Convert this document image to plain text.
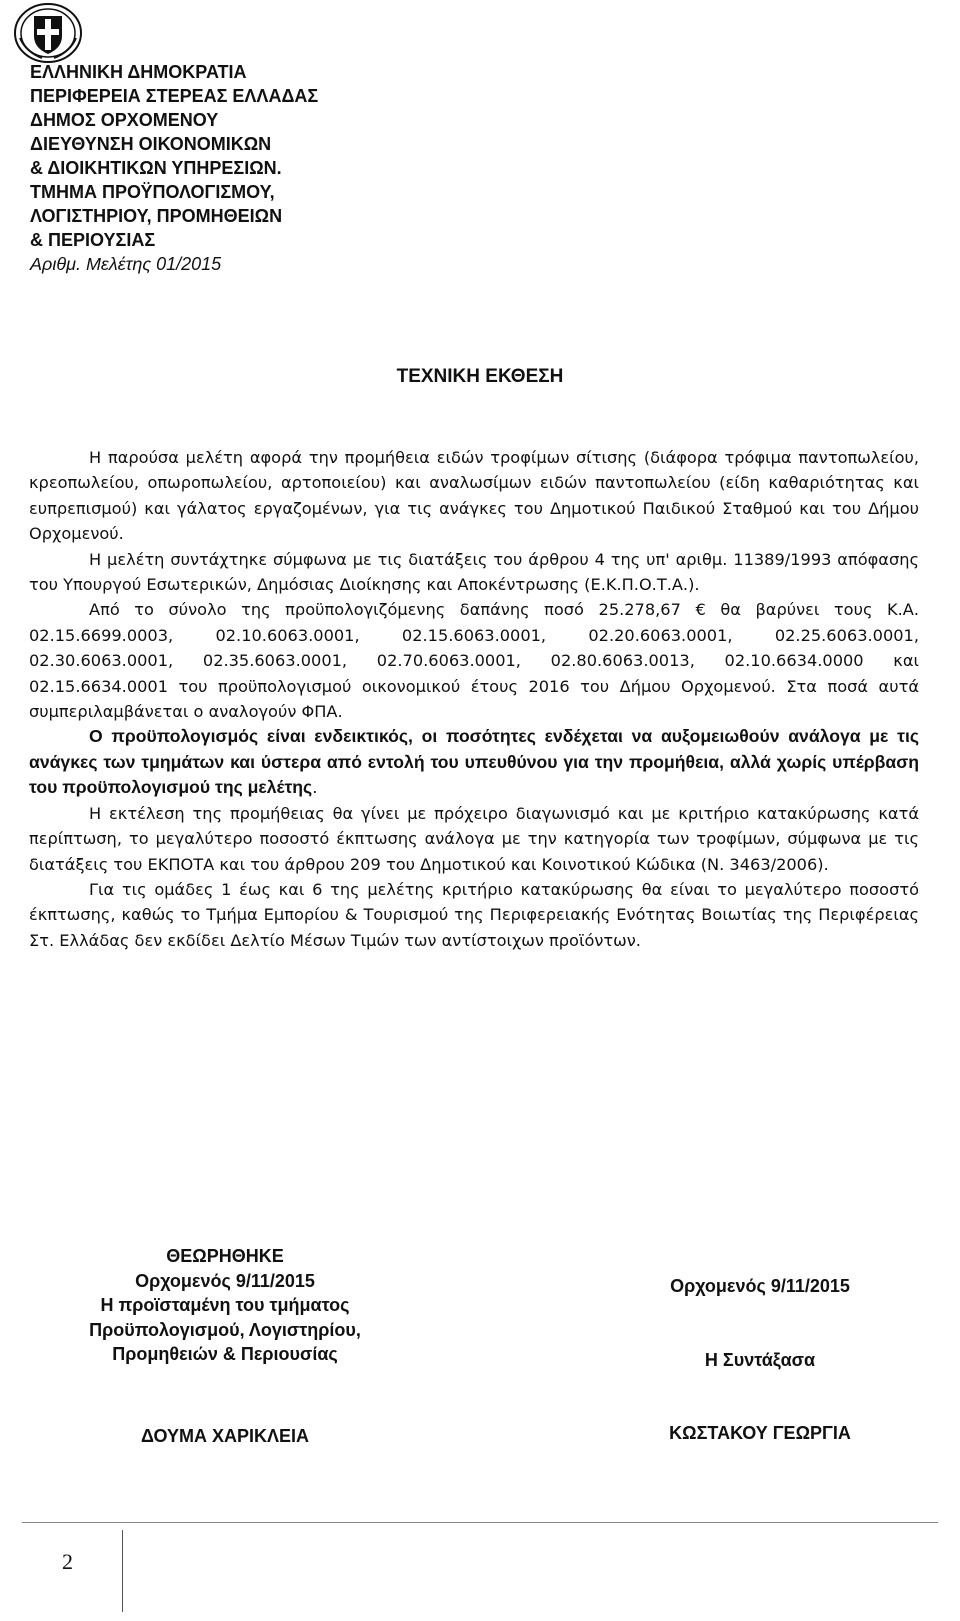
ΕΛΛΗΝΙΚΗ ΔΗΜΟΚΡΑΤΙΑ
ΠΕΡΙΦΕΡΕΙΑ ΣΤΕΡΕΑΣ ΕΛΛΑΔΑΣ
ΔΗΜΟΣ ΟΡΧΟΜΕΝΟΥ
ΔΙΕΥΘΥΝΣΗ ΟΙΚΟΝΟΜΙΚΩΝ
& ΔΙΟΙΚΗΤΙΚΩΝ ΥΠΗΡΕΣΙΩΝ.
ΤΜΗΜΑ ΠΡΟΫΠΟΛΟΓΙΣΜΟΥ,
ΛΟΓΙΣΤΗΡΙΟΥ, ΠΡΟΜΗΘΕΙΩΝ
& ΠΕΡΙΟΥΣΙΑΣ
Αριθμ. Μελέτης 01/2015
ΤΕΧΝΙΚΗ ΕΚΘΕΣΗ

Η παρούσα μελέτη αφορά την προμήθεια ειδών τροφίμων σίτισης (διάφορα τρόφιμα παντοπωλείου, κρεοπωλείου, οπωροπωλείου, αρτοποιείου) και αναλωσίμων ειδών παντοπωλείου (είδη καθαριότητας και ευπρεπισμού) και γάλατος εργαζομένων, για τις ανάγκες του Δημοτικού Παιδικού Σταθμού και του Δήμου Ορχομενού.

Η μελέτη συντάχτηκε σύμφωνα με τις διατάξεις του άρθρου 4 της υπ' αριθμ. 11389/1993 απόφασης του Υπουργού Εσωτερικών, Δημόσιας Διοίκησης και Αποκέντρωσης (Ε.Κ.Π.Ο.Τ.Α.).

Από το σύνολο της προϋπολογιζόμενης δαπάνης ποσό 25.278,67 € θα βαρύνει τους Κ.Α. 02.15.6699.0003, 02.10.6063.0001, 02.15.6063.0001, 02.20.6063.0001, 02.25.6063.0001, 02.30.6063.0001, 02.35.6063.0001, 02.70.6063.0001, 02.80.6063.0013, 02.10.6634.0000 και 02.15.6634.0001 του προϋπολογισμού οικονομικού έτους 2016 του Δήμου Ορχομενού. Στα ποσά αυτά συμπεριλαμβάνεται ο αναλογούν ΦΠΑ.

Ο προϋπολογισμός είναι ενδεικτικός, οι ποσότητες ενδέχεται να αυξομειωθούν ανάλογα με τις ανάγκες των τμημάτων και ύστερα από εντολή του υπευθύνου για την προμήθεια, αλλά χωρίς υπέρβαση του προϋπολογισμού της μελέτης.

Η εκτέλεση της προμήθειας θα γίνει με πρόχειρο διαγωνισμό και με κριτήριο κατακύρωσης κατά περίπτωση, το μεγαλύτερο ποσοστό έκπτωσης ανάλογα με την κατηγορία των τροφίμων, σύμφωνα με τις διατάξεις του ΕΚΠΟΤΑ και του άρθρου 209 του Δημοτικού και Κοινοτικού Κώδικα (Ν. 3463/2006).

Για τις ομάδες 1 έως και 6 της μελέτης κριτήριο κατακύρωσης θα είναι το μεγαλύτερο ποσοστό έκπτωσης, καθώς το Τμήμα Εμπορίου & Τουρισμού της Περιφερειακής Ενότητας Βοιωτίας της Περιφέρειας Στ. Ελλάδας δεν εκδίδει Δελτίο Μέσων Τιμών των αντίστοιχων προϊόντων.

ΘΕΩΡΗΘΗΚΕ
Ορχομενός 9/11/2015
Η προϊσταμένη του τμήματος
Προϋπολογισμού, Λογιστηρίου,
Προμηθειών & Περιουσίας
ΔΟΥΜΑ ΧΑΡΙΚΛΕΙΑ
Ορχομενός 9/11/2015
Η Συντάξασα
ΚΩΣΤΑΚΟΥ ΓΕΩΡΓΙΑ
2
